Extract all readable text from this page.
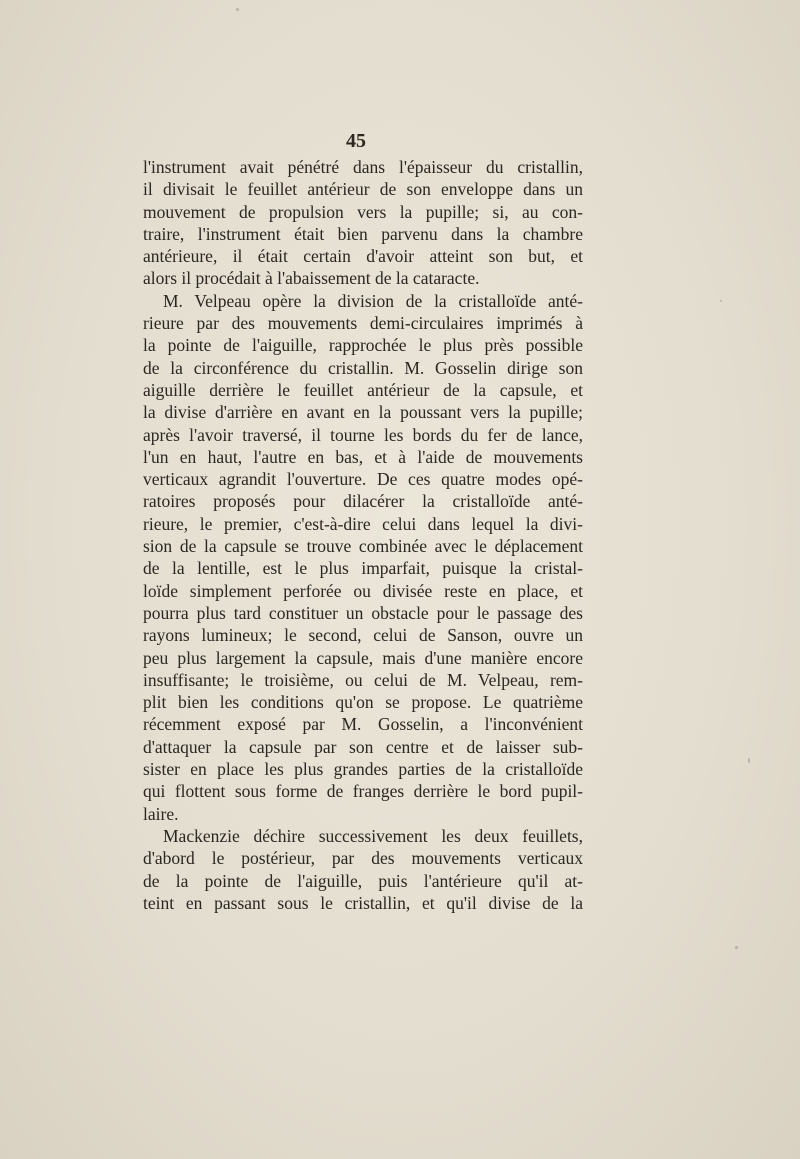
45
l'instrument avait pénétré dans l'épaisseur du cristallin,
il divisait le feuillet antérieur de son enveloppe dans un
mouvement de propulsion vers la pupille; si, au con-
traire, l'instrument était bien parvenu dans la chambre
antérieure, il était certain d'avoir atteint son but, et
alors il procédait à l'abaissement de la cataracte.
M. Velpeau opère la division de la cristalloïde anté-
rieure par des mouvements demi-circulaires imprimés à
la pointe de l'aiguille, rapprochée le plus près possible
de la circonférence du cristallin. M. Gosselin dirige son
aiguille derrière le feuillet antérieur de la capsule, et
la divise d'arrière en avant en la poussant vers la pupille;
après l'avoir traversé, il tourne les bords du fer de lance,
l'un en haut, l'autre en bas, et à l'aide de mouvements
verticaux agrandit l'ouverture. De ces quatre modes opé-
ratoires proposés pour dilacérer la cristalloïde anté-
rieure, le premier, c'est-à-dire celui dans lequel la divi-
sion de la capsule se trouve combinée avec le déplacement
de la lentille, est le plus imparfait, puisque la cristal-
loïde simplement perforée ou divisée reste en place, et
pourra plus tard constituer un obstacle pour le passage des
rayons lumineux; le second, celui de Sanson, ouvre un
peu plus largement la capsule, mais d'une manière encore
insuffisante; le troisième, ou celui de M. Velpeau, rem-
plit bien les conditions qu'on se propose. Le quatrième
récemment exposé par M. Gosselin, a l'inconvénient
d'attaquer la capsule par son centre et de laisser sub-
sister en place les plus grandes parties de la cristalloïde
qui flottent sous forme de franges derrière le bord pupil-
laire.
Mackenzie déchire successivement les deux feuillets,
d'abord le postérieur, par des mouvements verticaux
de la pointe de l'aiguille, puis l'antérieure qu'il at-
teint en passant sous le cristallin, et qu'il divise de la
